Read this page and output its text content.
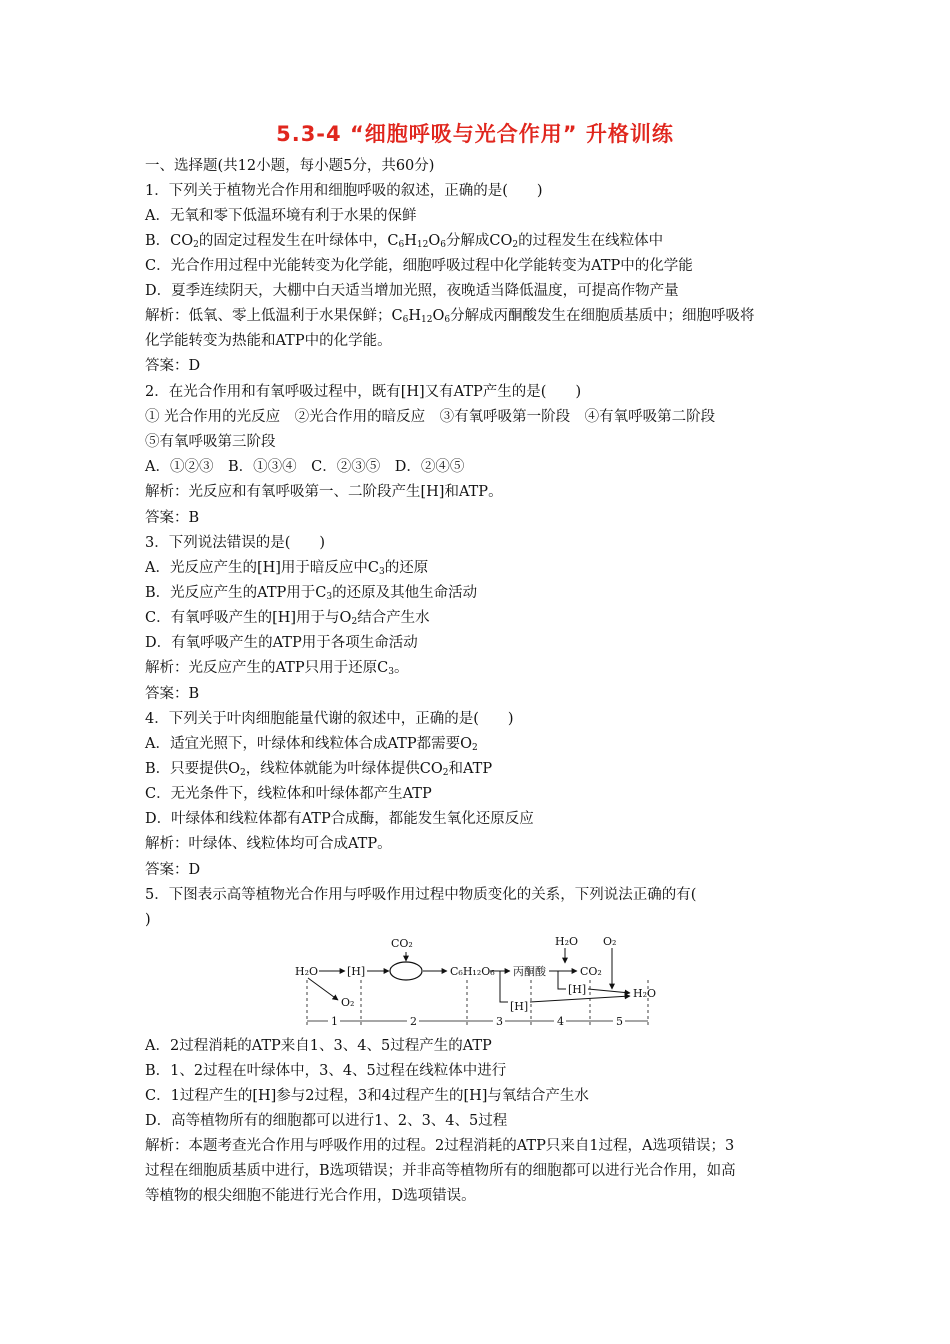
5.3-4 “细胞呼吸与光合作用” 升格训练
一、选择题(共12小题，每小题5分，共60分)
1．下列关于植物光合作用和细胞呼吸的叙述，正确的是(　　)
A．无氧和零下低温环境有利于水果的保鲜
B．$CO_2$的固定过程发生在叶绿体中，$C_6H_{12}O_6$分解成$CO_2$的过程发生在线粒体中
C．光合作用过程中光能转变为化学能，细胞呼吸过程中化学能转变为ATP中的化学能
D．夏季连续阴天，大棚中白天适当增加光照，夜晚适当降低温度，可提高作物产量
解析：低氧、零上低温利于水果保鲜；$C_6H_{12}O_6$分解成丙酮酸发生在细胞质基质中；细胞呼吸将
化学能转变为热能和ATP中的化学能。
答案：D
2．在光合作用和有氧呼吸过程中，既有[H]又有ATP产生的是(　　)
① 光合作用的光反应　②光合作用的暗反应　③有氧呼吸第一阶段　④有氧呼吸第二阶段
⑤有氧呼吸第三阶段
A．①②③　B．①③④　C．②③⑤　D．②④⑤
解析：光反应和有氧呼吸第一、二阶段产生[H]和ATP。
答案：B
3．下列说法错误的是(　　)
A．光反应产生的[H]用于暗反应中$C_3$的还原
B．光反应产生的ATP用于$C_3$的还原及其他生命活动
C．有氧呼吸产生的[H]用于与$O_2$结合产生水
D．有氧呼吸产生的ATP用于各项生命活动
解析：光反应产生的ATP只用于还原$C_3$。
答案：B
4．下列关于叶肉细胞能量代谢的叙述中，正确的是(　　)
A．适宜光照下，叶绿体和线粒体合成ATP都需要$O_2$
B．只要提供$O_2$，线粒体就能为叶绿体提供$CO_2$和ATP
C．无光条件下，线粒体和叶绿体都产生ATP
D．叶绿体和线粒体都有ATP合成酶，都能发生氧化还原反应
解析：叶绿体、线粒体均可合成ATP。
答案：D
5．下图表示高等植物光合作用与呼吸作用过程中物质变化的关系，下列说法正确的有(
)
H₂O	[H]
O₂
CO₂
C₆H₁₂O₆ 丙酮酸
H₂O O₂
CO₂
[H]	H₂O
[H]
1	2	3	4	5
A．2过程消耗的ATP来自1、3、4、5过程产生的ATP
B．1、2过程在叶绿体中，3、4、5过程在线粒体中进行
C．1过程产生的[H]参与2过程，3和4过程产生的[H]与氧结合产生水
D．高等植物所有的细胞都可以进行1、2、3、4、5过程
解析：本题考查光合作用与呼吸作用的过程。2过程消耗的ATP只来自1过程，A选项错误；3
过程在细胞质基质中进行，B选项错误；并非高等植物所有的细胞都可以进行光合作用，如高
等植物的根尖细胞不能进行光合作用，D选项错误。
